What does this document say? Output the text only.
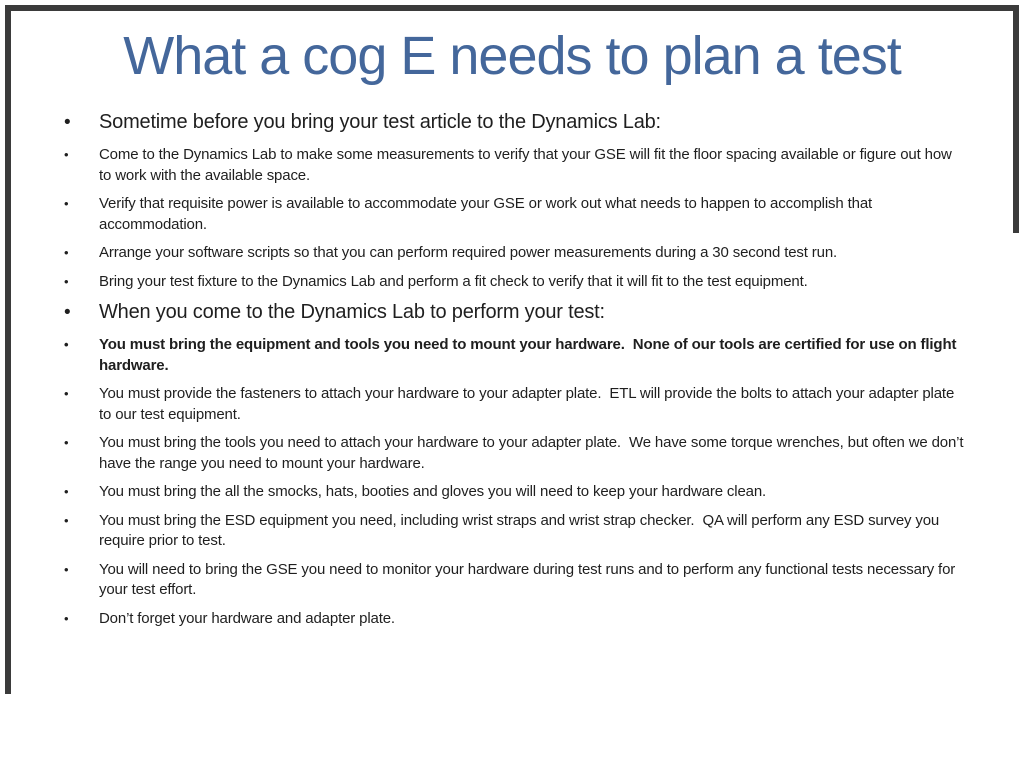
What a cog E needs to plan a test
• Sometime before you bring your test article to the Dynamics Lab:
• Come to the Dynamics Lab to make some measurements to verify that your GSE will fit the floor spacing available or figure out how to work with the available space.
• Verify that requisite power is available to accommodate your GSE or work out what needs to happen to accomplish that accommodation.
• Arrange your software scripts so that you can perform required power measurements during a 30 second test run.
• Bring your test fixture to the Dynamics Lab and perform a fit check to verify that it will fit to the test equipment.
• When you come to the Dynamics Lab to perform your test:
• You must bring the equipment and tools you need to mount your hardware.  None of our tools are certified for use on flight hardware.
• You must provide the fasteners to attach your hardware to your adapter plate.  ETL will provide the bolts to attach your adapter plate to our test equipment.
• You must bring the tools you need to attach your hardware to your adapter plate.  We have some torque wrenches, but often we don’t have the range you need to mount your hardware.
• You must bring the all the smocks, hats, booties and gloves you will need to keep your hardware clean.
• You must bring the ESD equipment you need, including wrist straps and wrist strap checker.  QA will perform any ESD survey you require prior to test.
• You will need to bring the GSE you need to monitor your hardware during test runs and to perform any functional tests necessary for your test effort.
• Don’t forget your hardware and adapter plate.
